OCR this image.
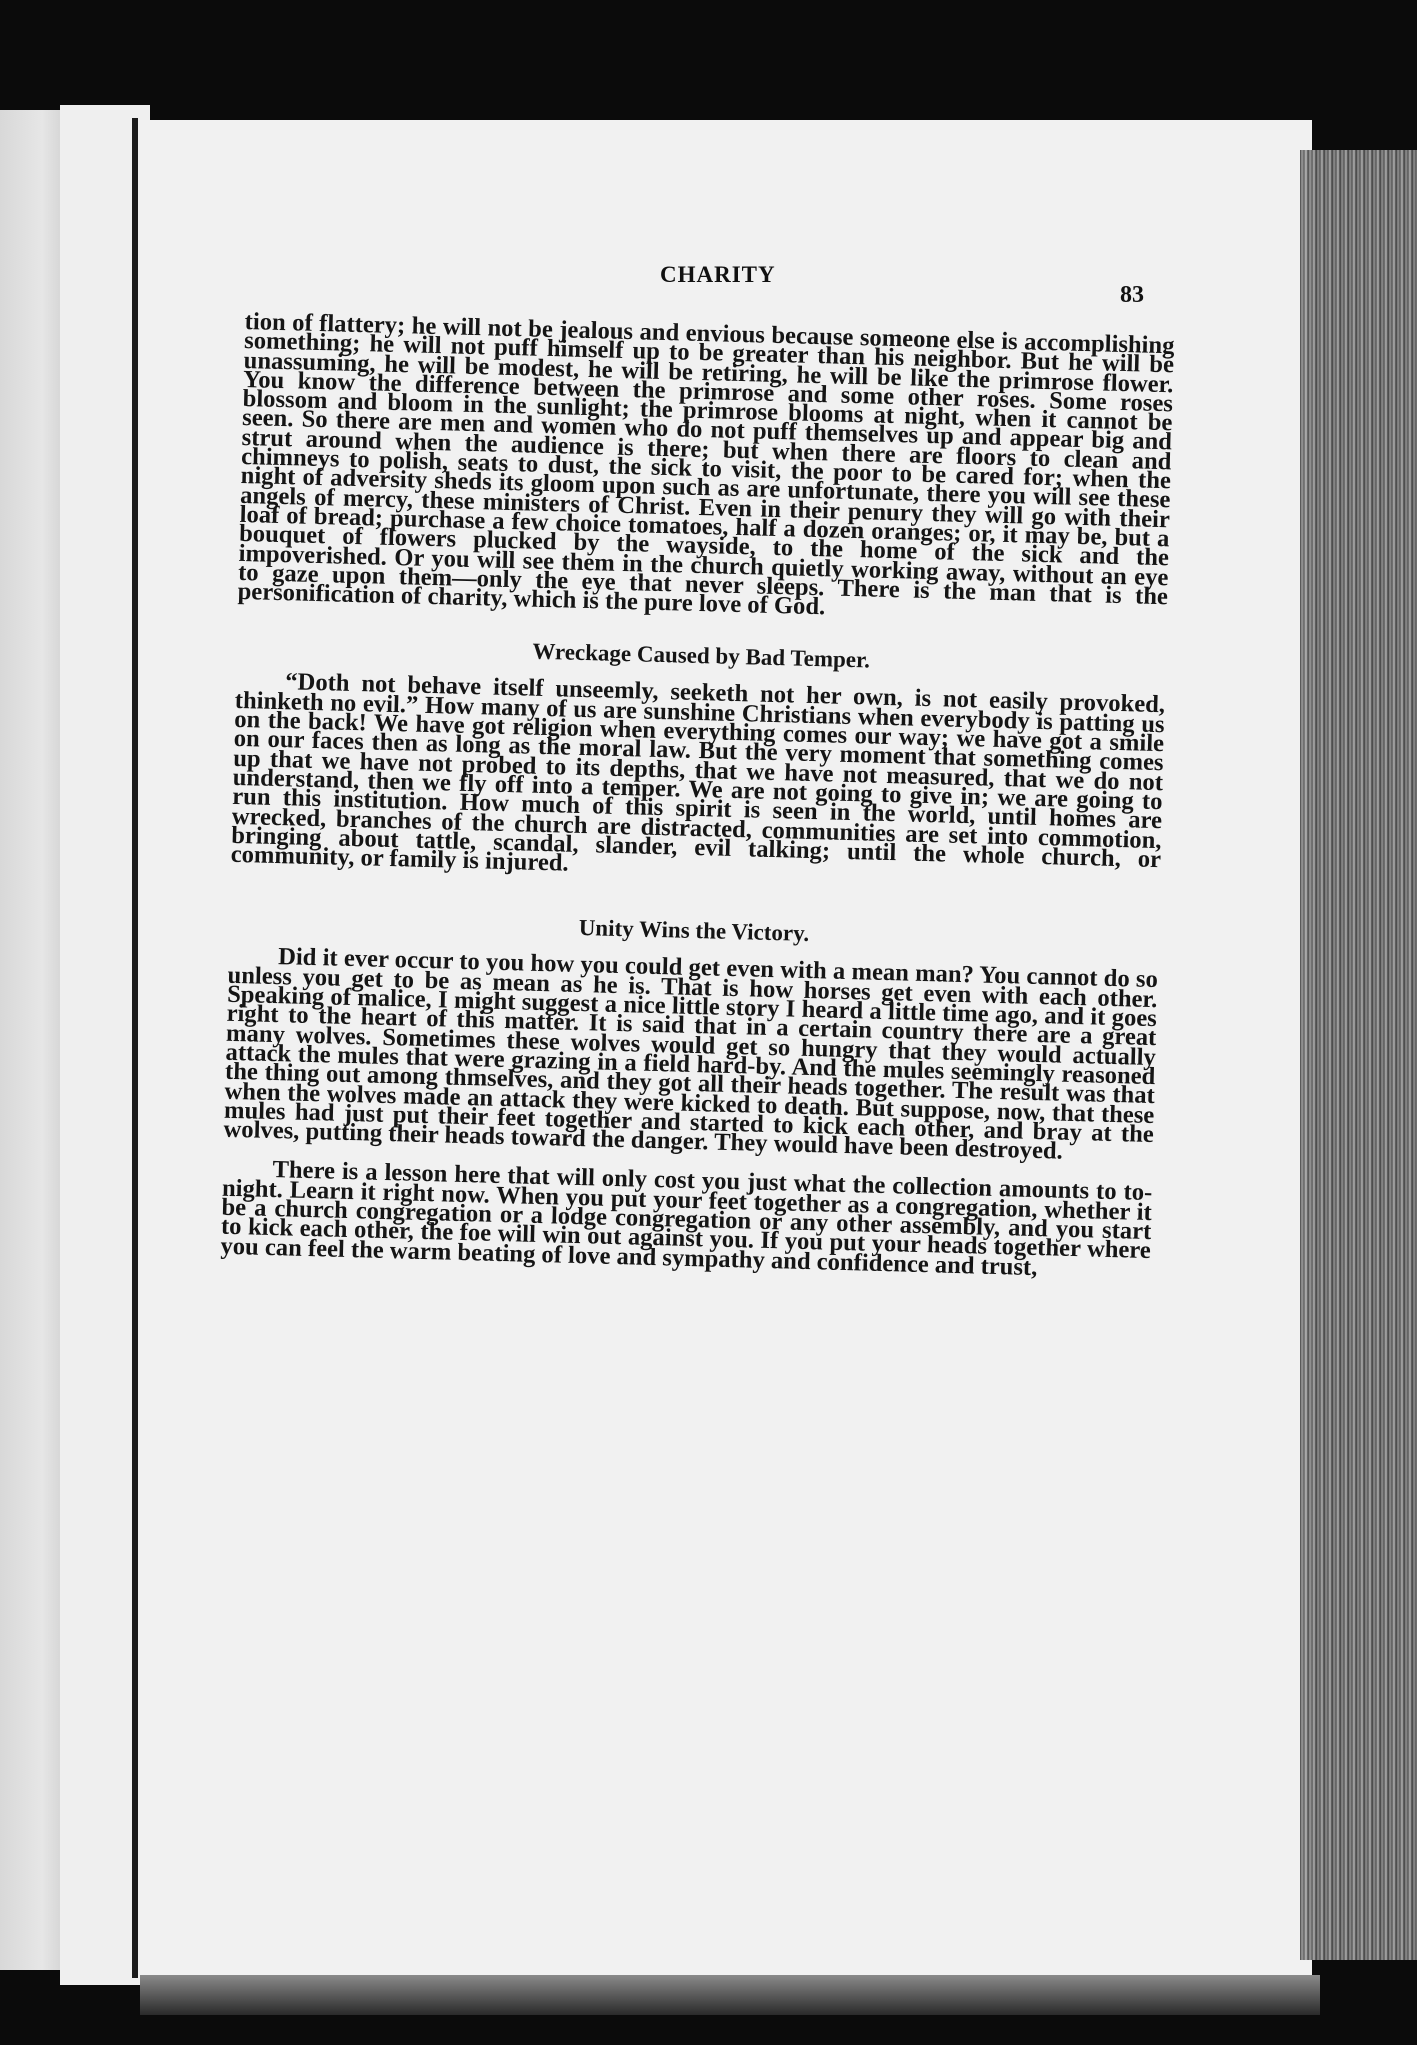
CHARITY
83

tion of flattery; he will not be jealous and envious because someone else is accomplishing something; he will not puff himself up to be greater than his neighbor. But he will be unassuming, he will be modest, he will be retiring, he will be like the primrose flower. You know the difference between the primrose and some other roses. Some roses blossom and bloom in the sunlight; the primrose blooms at night, when it cannot be seen. So there are men and women who do not puff themselves up and appear big and strut around when the audience is there; but when there are floors to clean and chimneys to polish, seats to dust, the sick to visit, the poor to be cared for; when the night of adversity sheds its gloom upon such as are unfortunate, there you will see these angels of mercy, these ministers of Christ. Even in their penury they will go with their loaf of bread; purchase a few choice tomatoes, half a dozen oranges; or, it may be, but a bouquet of flowers plucked by the wayside, to the home of the sick and the impoverished. Or you will see them in the church quietly working away, without an eye to gaze upon them—only the eye that never sleeps. There is the man that is the personification of charity, which is the pure love of God.

Wreckage Caused by Bad Temper.

“Doth not behave itself unseemly, seeketh not her own, is not easily provoked, thinketh no evil.” How many of us are sunshine Christians when everybody is patting us on the back! We have got religion when everything comes our way; we have got a smile on our faces then as long as the moral law. But the very moment that something comes up that we have not probed to its depths, that we have not measured, that we do not understand, then we fly off into a temper. We are not going to give in; we are going to run this institution. How much of this spirit is seen in the world, until homes are wrecked, branches of the church are distracted, communities are set into commotion, bringing about tattle, scandal, slander, evil talking; until the whole church, or community, or family is injured.

Unity Wins the Victory.

Did it ever occur to you how you could get even with a mean man? You cannot do so unless you get to be as mean as he is. That is how horses get even with each other. Speaking of malice, I might suggest a nice little story I heard a little time ago, and it goes right to the heart of this matter. It is said that in a certain country there are a great many wolves. Sometimes these wolves would get so hungry that they would actually attack the mules that were grazing in a field hard-by. And the mules seemingly reasoned the thing out among thmselves, and they got all their heads together. The result was that when the wolves made an attack they were kicked to death. But suppose, now, that these mules had just put their feet together and started to kick each other, and bray at the wolves, putting their heads toward the danger. They would have been destroyed.

There is a lesson here that will only cost you just what the collection amounts to to-night. Learn it right now. When you put your feet together as a congregation, whether it be a church congregation or a lodge congregation or any other assembly, and you start to kick each other, the foe will win out against you. If you put your heads together where you can feel the warm beating of love and sympathy and confidence and trust,
